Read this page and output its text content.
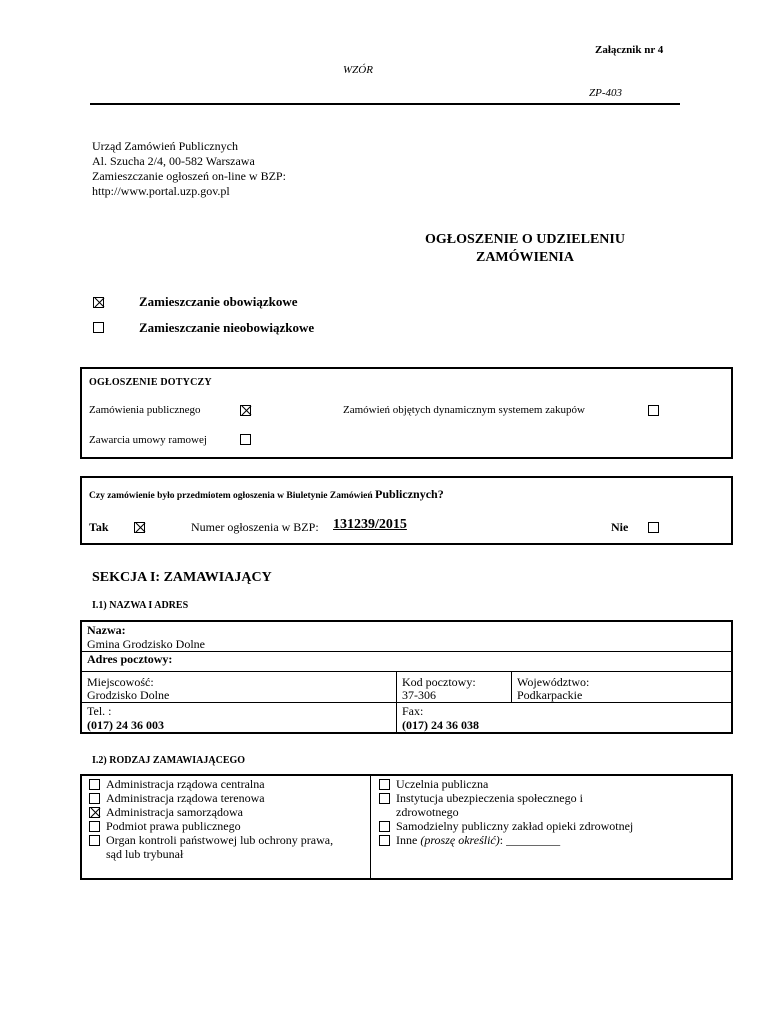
Załącznik nr 4
WZÓR
ZP-403
Urząd Zamówień Publicznych
Al. Szucha 2/4, 00-582 Warszawa
Zamieszczanie ogłoszeń on-line w BZP:
http://www.portal.uzp.gov.pl
OGŁOSZENIE O UDZIELENIU
ZAMÓWIENIA
Zamieszczanie obowiązkowe
Zamieszczanie nieobowiązkowe
OGŁOSZENIE DOTYCZY
Zamówienia publicznego	Zamówień objętych dynamicznym systemem zakupów
Zawarcia umowy ramowej
Czy zamówienie było przedmiotem ogłoszenia w Biuletynie Zamówień Publicznych?
Tak	Numer ogłoszenia w BZP: 131239/2015	Nie
SEKCJA I: ZAMAWIAJĄCY
I.1) NAZWA I ADRES
Nazwa:
Gmina Grodzisko Dolne
Adres pocztowy:
Miejscowość:
Grodzisko Dolne
Kod pocztowy:
37-306
Województwo:
Podkarpackie
Tel. :
(017) 24 36 003
Fax:
(017) 24 36 038
I.2) RODZAJ ZAMAWIAJĄCEGO
Administracja rządowa centralna
Administracja rządowa terenowa
Administracja samorządowa
Podmiot prawa publicznego
Organ kontroli państwowej lub ochrony prawa,
sąd lub trybunał
Uczelnia publiczna
Instytucja ubezpieczenia społecznego i
zdrowotnego
Samodzielny publiczny zakład opieki zdrowotnej
Inne (proszę określić): _________
